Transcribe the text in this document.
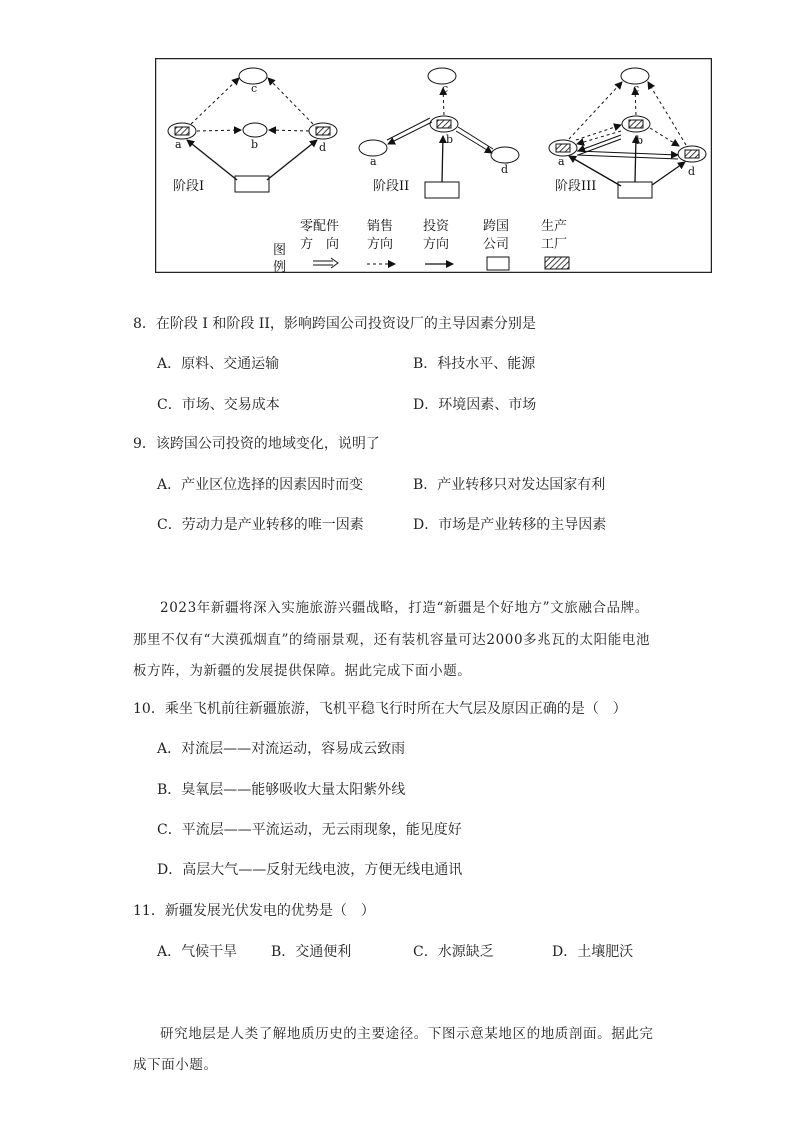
c
b
a	d
阶段I
c
b
a
d
阶段II
c
b
a
d
阶段III
图
例
零配件
方　向
销售
方向
投资
方向
跨国
公司
生产
工厂
8．在阶段 I 和阶段 II，影响跨国公司投资设厂的主导因素分别是
A．原料、交通运输	B．科技水平、能源
C．市场、交易成本	D．环境因素、市场
9．该跨国公司投资的地域变化，说明了
A．产业区位选择的因素因时而变	B．产业转移只对发达国家有利
C．劳动力是产业转移的唯一因素	D．市场是产业转移的主导因素
2023年新疆将深入实施旅游兴疆战略，打造“新疆是个好地方”文旅融合品牌。
那里不仅有“大漠孤烟直”的绮丽景观，还有装机容量可达2000多兆瓦的太阳能电池
板方阵，为新疆的发展提供保障。据此完成下面小题。
10．乘坐飞机前往新疆旅游，飞机平稳飞行时所在大气层及原因正确的是（　）
A．对流层——对流运动，容易成云致雨
B．臭氧层——能够吸收大量太阳紫外线
C．平流层——平流运动，无云雨现象，能见度好
D．高层大气——反射无线电波，方便无线电通讯
11．新疆发展光伏发电的优势是（　）
A．气候干旱 B．交通便利	C．水源缺乏	D．土壤肥沃
研究地层是人类了解地质历史的主要途径。下图示意某地区的地质剖面。据此完
成下面小题。
